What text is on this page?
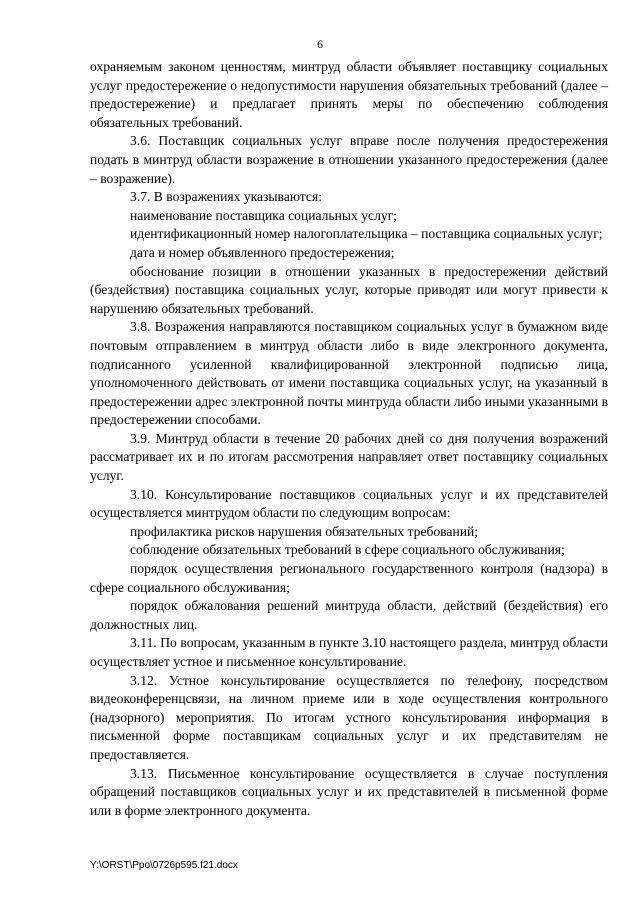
6

охраняемым законом ценностям, минтруд области объявляет поставщику социальных услуг предостережение о недопустимости нарушения обязательных требований (далее – предостережение) и предлагает принять меры по обеспечению соблюдения обязательных требований.

3.6. Поставщик социальных услуг вправе после получения предостережения подать в минтруд области возражение в отношении указанного предостережения (далее – возражение).

3.7. В возражениях указываются:

наименование поставщика социальных услуг;

идентификационный номер налогоплательщика – поставщика социальных услуг;

дата и номер объявленного предостережения;

обоснование позиции в отношении указанных в предостережении действий (бездействия) поставщика социальных услуг, которые приводят или могут привести к нарушению обязательных требований.

3.8. Возражения направляются поставщиком социальных услуг в бумажном виде почтовым отправлением в минтруд области либо в виде электронного документа, подписанного усиленной квалифицированной электронной подписью лица, уполномоченного действовать от имени поставщика социальных услуг, на указанный в предостережении адрес электронной почты минтруда области либо иными указанными в предостережении способами.

3.9. Минтруд области в течение 20 рабочих дней со дня получения возражений рассматривает их и по итогам рассмотрения направляет ответ поставщику социальных услуг.

3.10. Консультирование поставщиков социальных услуг и их представителей осуществляется минтрудом области по следующим вопросам:

профилактика рисков нарушения обязательных требований;

соблюдение обязательных требований в сфере социального обслуживания;

порядок осуществления регионального государственного контроля (надзора) в сфере социального обслуживания;

порядок обжалования решений минтруда области, действий (бездействия) его должностных лиц.

3.11. По вопросам, указанным в пункте 3.10 настоящего раздела, минтруд области осуществляет устное и письменное консультирование.

3.12. Устное консультирование осуществляется по телефону, посредством видеоконференцсвязи, на личном приеме или в ходе осуществления контрольного (надзорного) мероприятия. По итогам устного консультирования информация в письменной форме поставщикам социальных услуг и их представителям не предоставляется.

3.13. Письменное консультирование осуществляется в случае поступления обращений поставщиков социальных услуг и их представителей в письменной форме или в форме электронного документа.

Y:\ORST\Ppo\0726p595.f21.docx
